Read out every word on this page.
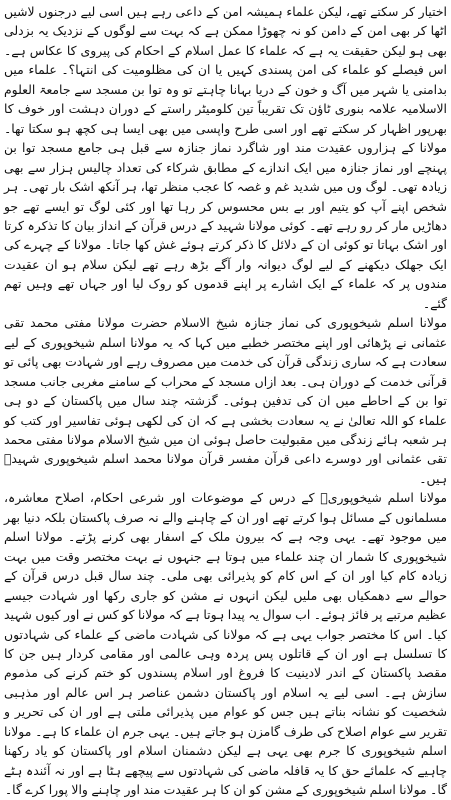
اختیار کر سکتے تھے، لیکن علماء ہمیشہ امن کے داعی رہے ہیں اسی لیے درجنوں لاشیں اٹھا کر بھی امن کے دامن کو نہ چھوڑا ممکن ہے کہ بہت سے لوگوں کے نزدیک یہ بزدلی بھی ہو لیکن حقیقت یہ ہے کہ علماء کا عمل اسلام کے احکام کی پیروی کا عکاس ہے۔ اس فیصلے کو علماء کی امن پسندی کہیں یا ان کی مظلومیت کی انتہا؟۔ علماء میں بدامنی یا شہر میں آگ و خون کے دریا بہانا چاہتے تو وہ توا بن مسجد سے جامعۃ العلوم الاسلامیہ علامہ بنوری ٹاؤن تک تقریباً تین کلومیٹر راستے کے دوران دہشت اور خوف کا بھرپور اظہار کر سکتے تھے اور اسی طرح واپسی میں بھی ایسا ہی کچھ ہو سکتا تھا۔ مولانا کے ہزاروں عقیدت مند اور شاگرد نماز جنازہ سے قبل ہی جامع مسجد توا بن پہنچے اور نماز جنازہ میں ایک اندازے کے مطابق شرکاء کی تعداد چالیس ہزار سے بھی زیادہ تھی۔ لوگ وں میں شدید غم و غصہ کا عجب منظر تھا، ہر آنکھ اشک بار تھی۔ ہر شخص اپنے آپ کو یتیم اور بے بس محسوس کر رہا تھا اور کئی لوگ تو ایسے تھے جو دھاڑیں مار کر رو رہے تھے۔ کوئی مولانا شہید کے درس قرآن کے انداز بیان کا تذکرہ کرتا اور اشک بہاتا تو کوئی ان کے دلائل کا ذکر کرتے ہوئے غش کھا جاتا۔ مولانا کے چہرے کی ایک جھلک دیکھنے کے لیے لوگ دیوانہ وار آگے بڑھ رہے تھے لیکن سلام ہو ان عقیدت مندوں پر کہ علماء کے ایک اشارے پر اپنے قدموں کو روک لیا اور جہاں تھے وہیں تھم گئے۔

مولانا اسلم شیخوپوری کی نماز جنازہ شیخ الاسلام حضرت مولانا مفتی محمد تقی عثمانی نے پڑھائی اور اپنے مختصر خطبے میں کہا کہ یہ مولانا اسلم شیخوپوری کے لیے سعادت ہے کہ ساری زندگی قرآن کی خدمت میں مصروف رہے اور شہادت بھی پائی تو قرآنی خدمت کے دوران ہی۔ بعد ازاں مسجد کے محراب کے سامنے مغربی جانب مسجد توا بن کے احاطے میں ان کی تدفین ہوئی۔ گزشتہ چند سال میں پاکستان کے دو ہی علماء کو اللہ تعالیٰ نے یہ سعادت بخشی ہے کہ ان کی لکھی ہوئی تفاسیر اور کتب کو ہر شعبہ ہائے زندگی میں مقبولیت حاصل ہوئی ان میں شیخ الاسلام مولانا مفتی محمد تقی عثمانی اور دوسرے داعی قرآن مفسر قرآن مولانا محمد اسلم شیخوپوری شہیدؒ ہیں۔

مولانا اسلم شیخوپوریؒ کے درس کے موضوعات اور شرعی احکام، اصلاح معاشرہ، مسلمانوں کے مسائل ہوا کرتے تھے اور ان کے چاہنے والے نہ صرف پاکستان بلکہ دنیا بھر میں موجود تھے۔ یہی وجہ ہے کہ بیرون ملک کے اسفار بھی کرنے پڑتے۔ مولانا اسلم شیخوپوری کا شمار ان چند علماء میں ہوتا ہے جنہوں نے بہت مختصر وقت میں بہت زیادہ کام کیا اور ان کے اس کام کو پذیرائی بھی ملی۔ چند سال قبل درس قرآن کے حوالے سے دھمکیاں بھی ملیں لیکن انہوں نے مشن کو جاری رکھا اور شہادت جیسے عظیم مرتبے پر فائز ہوئے۔ اب سوال یہ پیدا ہوتا ہے کہ مولانا کو کس نے اور کیوں شہید کیا۔ اس کا مختصر جواب یہی ہے کہ مولانا کی شہادت ماضی کے علماء کی شہادتوں کا تسلسل ہے اور ان کے قاتلوں پس پردہ وہی عالمی اور مقامی کردار ہیں جن کا مقصد پاکستان کے اندر لادینیت کا فروغ اور اسلام پسندوں کو ختم کرنے کی مذموم سازش ہے۔ اسی لیے یہ اسلام اور پاکستان دشمن عناصر ہر اس عالم اور مذہبی شخصیت کو نشانہ بناتے ہیں جس کو عوام میں پذیرائی ملتی ہے اور ان کی تحریر و تقریر سے عوام اصلاح کی طرف گامزن ہو جاتے ہیں۔ یہی جرم ان علماء کا ہے۔ مولانا اسلم شیخوپوری کا جرم بھی یہی ہے لیکن دشمنان اسلام اور پاکستان کو یاد رکھنا چاہیے کہ علمائے حق کا یہ قافلہ ماضی کی شہادتوں سے پیچھے ہٹا ہے اور نہ آئندہ ہٹے گا۔ مولانا اسلم شیخوپوری کے مشن کو ان کا ہر عقیدت مند اور چاہنے والا پورا کرے گا۔
